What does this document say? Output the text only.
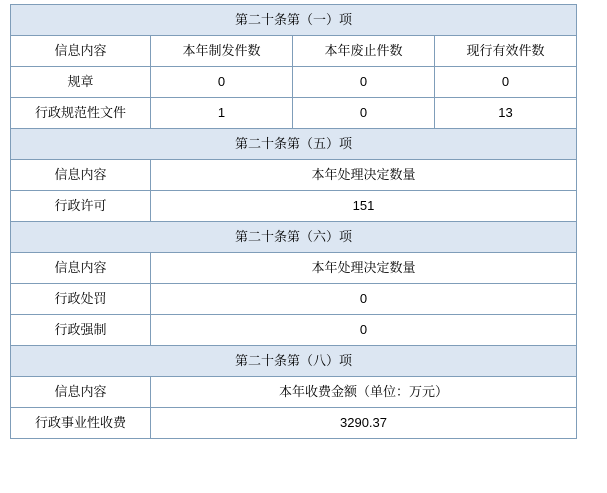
第二十条第（一）项			
信息内容	本年制发件数	本年废止件数	现行有效件数
规章	0	0	0
行政规范性文件	1	0	13
第二十条第（五）项			
信息内容	本年处理决定数量		
行政许可	151		
第二十条第（六）项			
信息内容	本年处理决定数量		
行政处罚	0		
行政强制	0		
第二十条第（八）项			
信息内容	本年收费金额（单位：万元）		
行政事业性收费	3290.37		
